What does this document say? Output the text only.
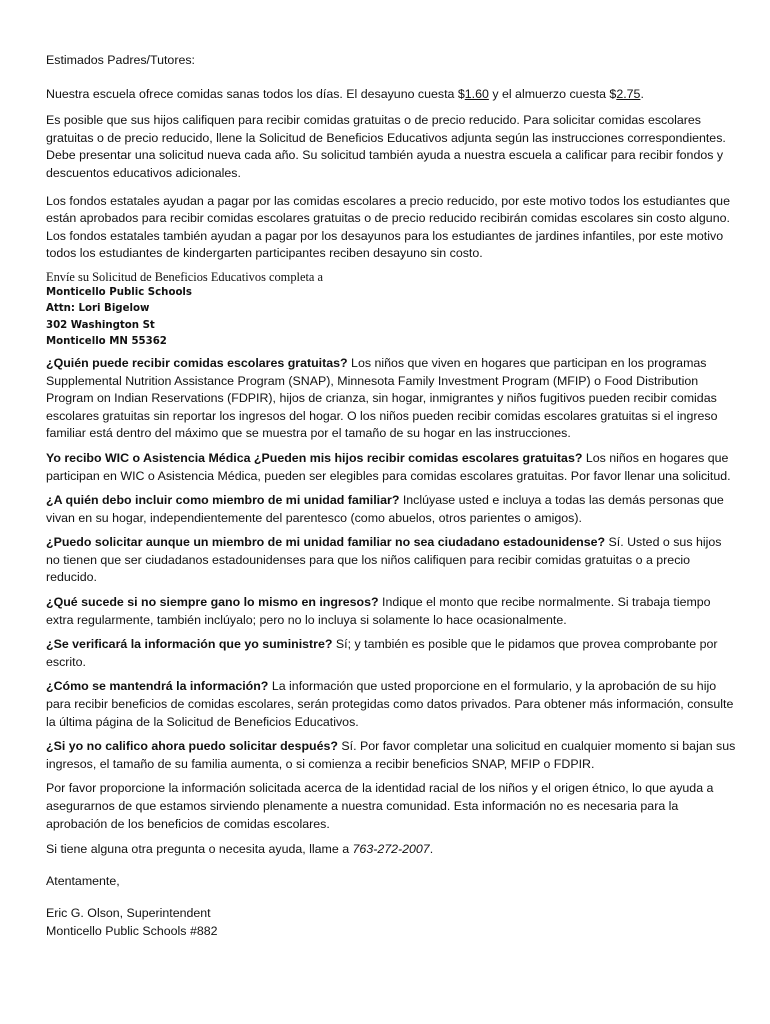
Estimados Padres/Tutores:

Nuestra escuela ofrece comidas sanas todos los días. El desayuno cuesta $1.60 y el almuerzo cuesta $2.75.

Es posible que sus hijos califiquen para recibir comidas gratuitas o de precio reducido. Para solicitar comidas escolares gratuitas o de precio reducido, llene la Solicitud de Beneficios Educativos adjunta según las instrucciones correspondientes. Debe presentar una solicitud nueva cada año. Su solicitud también ayuda a nuestra escuela a calificar para recibir fondos y descuentos educativos adicionales.

Los fondos estatales ayudan a pagar por las comidas escolares a precio reducido, por este motivo todos los estudiantes que están aprobados para recibir comidas escolares gratuitas o de precio reducido recibirán comidas escolares sin costo alguno. Los fondos estatales también ayudan a pagar por los desayunos para los estudiantes de jardines infantiles, por este motivo todos los estudiantes de kindergarten participantes reciben desayuno sin costo.

Envíe su Solicitud de Beneficios Educativos completa a
Monticello Public Schools
Attn: Lori Bigelow
302 Washington St
Monticello MN 55362

¿Quién puede recibir comidas escolares gratuitas? Los niños que viven en hogares que participan en los programas Supplemental Nutrition Assistance Program (SNAP), Minnesota Family Investment Program (MFIP) o Food Distribution Program on Indian Reservations (FDPIR), hijos de crianza, sin hogar, inmigrantes y niños fugitivos pueden recibir comidas escolares gratuitas sin reportar los ingresos del hogar. O los niños pueden recibir comidas escolares gratuitas si el ingreso familiar está dentro del máximo que se muestra por el tamaño de su hogar en las instrucciones.

Yo recibo WIC o Asistencia Médica ¿Pueden mis hijos recibir comidas escolares gratuitas? Los niños en hogares que participan en WIC o Asistencia Médica, pueden ser elegibles para comidas escolares gratuitas. Por favor llenar una solicitud.

¿A quién debo incluir como miembro de mi unidad familiar? Inclúyase usted e incluya a todas las demás personas que vivan en su hogar, independientemente del parentesco (como abuelos, otros parientes o amigos).

¿Puedo solicitar aunque un miembro de mi unidad familiar no sea ciudadano estadounidense? Sí. Usted o sus hijos no tienen que ser ciudadanos estadounidenses para que los niños califiquen para recibir comidas gratuitas o a precio reducido.

¿Qué sucede si no siempre gano lo mismo en ingresos? Indique el monto que recibe normalmente. Si trabaja tiempo extra regularmente, también inclúyalo; pero no lo incluya si solamente lo hace ocasionalmente.

¿Se verificará la información que yo suministre? Sí; y también es posible que le pidamos que provea comprobante por escrito.

¿Cómo se mantendrá la información? La información que usted proporcione en el formulario, y la aprobación de su hijo para recibir beneficios de comidas escolares, serán protegidas como datos privados. Para obtener más información, consulte la última página de la Solicitud de Beneficios Educativos.

¿Si yo no califico ahora puedo solicitar después? Sí. Por favor completar una solicitud en cualquier momento si bajan sus ingresos, el tamaño de su familia aumenta, o si comienza a recibir beneficios SNAP, MFIP o FDPIR.

Por favor proporcione la información solicitada acerca de la identidad racial de los niños y el origen étnico, lo que ayuda a asegurarnos de que estamos sirviendo plenamente a nuestra comunidad. Esta información no es necesaria para la aprobación de los beneficios de comidas escolares.

Si tiene alguna otra pregunta o necesita ayuda, llame a 763-272-2007.

Atentamente,

Eric G. Olson, Superintendent
Monticello Public Schools #882
